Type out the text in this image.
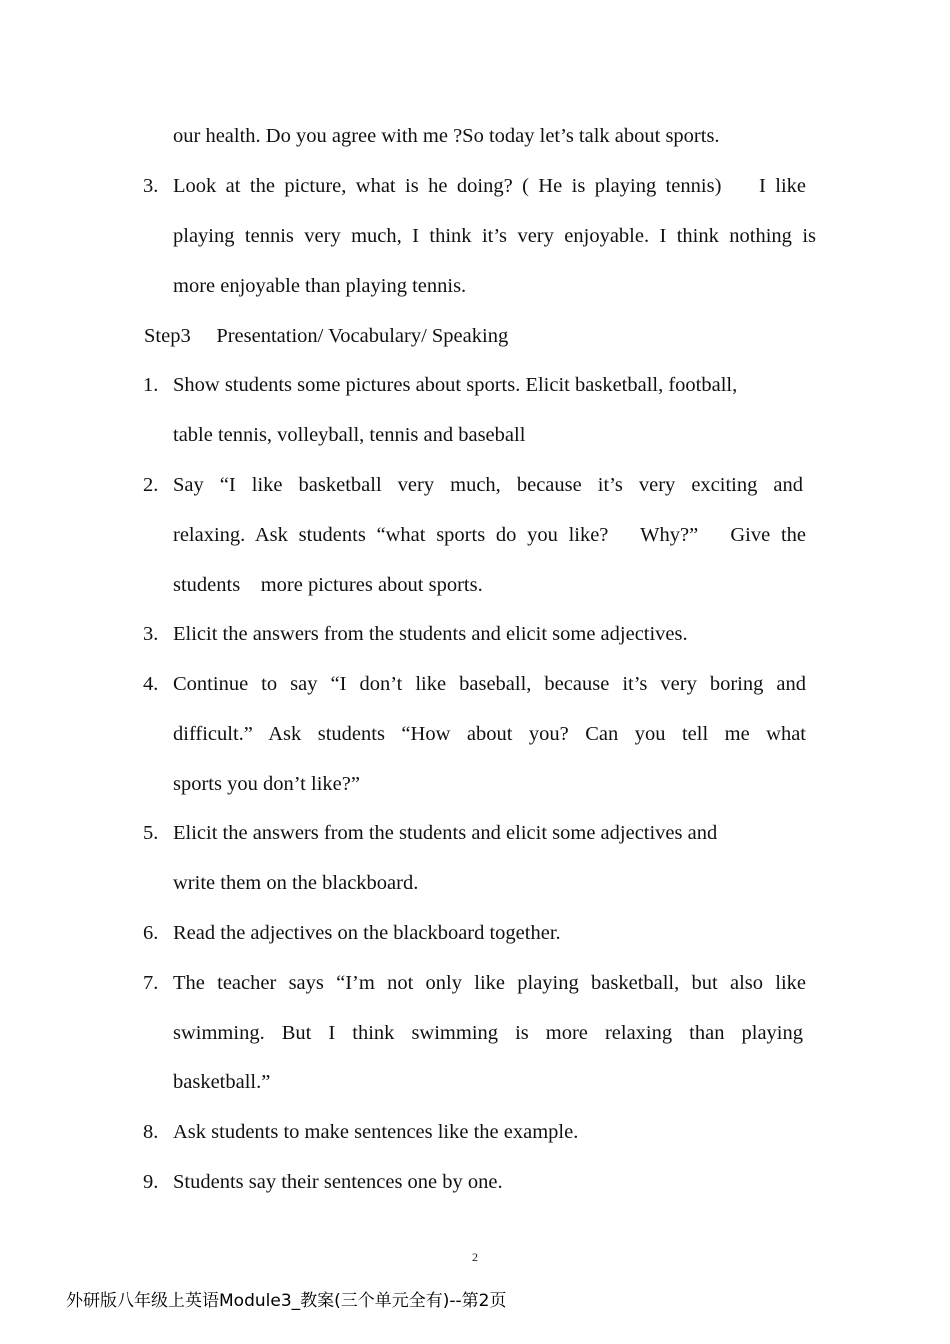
our health. Do you agree with me ?So today let’s talk about sports.
3. Look at the picture, what is he doing? ( He is playing tennis)    I like
playing tennis very much, I think it’s very enjoyable. I think nothing is
more enjoyable than playing tennis.
Step3     Presentation/ Vocabulary/ Speaking
1. Show students some pictures about sports. Elicit basketball, football,
table tennis, volleyball, tennis and baseball
2. Say “I like basketball very much, because it’s very exciting and
relaxing. Ask students “what sports do you like?   Why?”   Give the
students    more pictures about sports.
3. Elicit the answers from the students and elicit some adjectives.
4. Continue to say “I don’t like baseball, because it’s very boring and
difficult.” Ask students “How about you? Can you tell me what
sports you don’t like?”
5. Elicit the answers from the students and elicit some adjectives and
write them on the blackboard.
6. Read the adjectives on the blackboard together.
7. The teacher says “I’m not only like playing basketball, but also like
swimming. But I think swimming is more relaxing than playing
basketball.”
8. Ask students to make sentences like the example.
9. Students say their sentences one by one.
2
外研版八年级上英语Module3_教案(三个单元全有)--第2页
